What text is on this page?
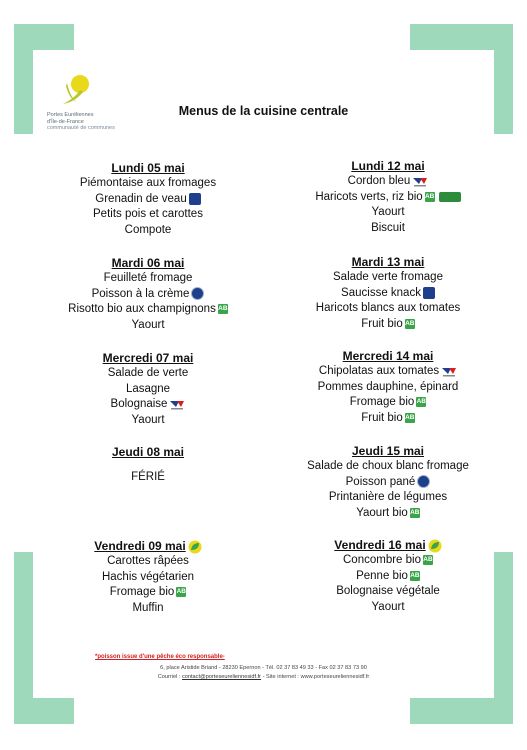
Portes Euréliennes
d'Île-de-France
communauté de communes
Menus de la cuisine centrale
Lundi 05 mai
Piémontaise aux fromages
Grenadin de veau
Petits pois et carottes
Compote
Mardi 06 mai
Feuilleté fromage
Poisson à la crème
Risotto bio aux champignons AB
Yaourt
Mercredi 07 mai
Salade de verte
Lasagne
Bolognaise
Yaourt
Jeudi 08 mai
FÉRIÉ
Vendredi 09 mai
Carottes râpées
Hachis végétarien
Fromage bio AB
Muffin
Lundi 12 mai
Cordon bleu
Haricots verts, riz bio AB
Yaourt
Biscuit
Mardi 13 mai
Salade verte fromage
Saucisse knack
Haricots blancs aux tomates
Fruit bio AB
Mercredi 14 mai
Chipolatas aux tomates
Pommes dauphine, épinard
Fromage bio AB
Fruit bio AB
Jeudi 15 mai
Salade de choux blanc fromage
Poisson pané
Printanière de légumes
Yaourt bio AB
Vendredi 16 mai
Concombre bio AB
Penne bio AB
Bolognaise végétale
Yaourt
*poisson issue d'une pêche éco responsable-
6, place Aristide Briand - 28230 Epernon - Tél. 02 37 83 49 33 - Fax 02 37 83 73 90
Courriel : contact@porteseureliennesidf.fr - Site internet : www.porteseureliennesidf.fr
